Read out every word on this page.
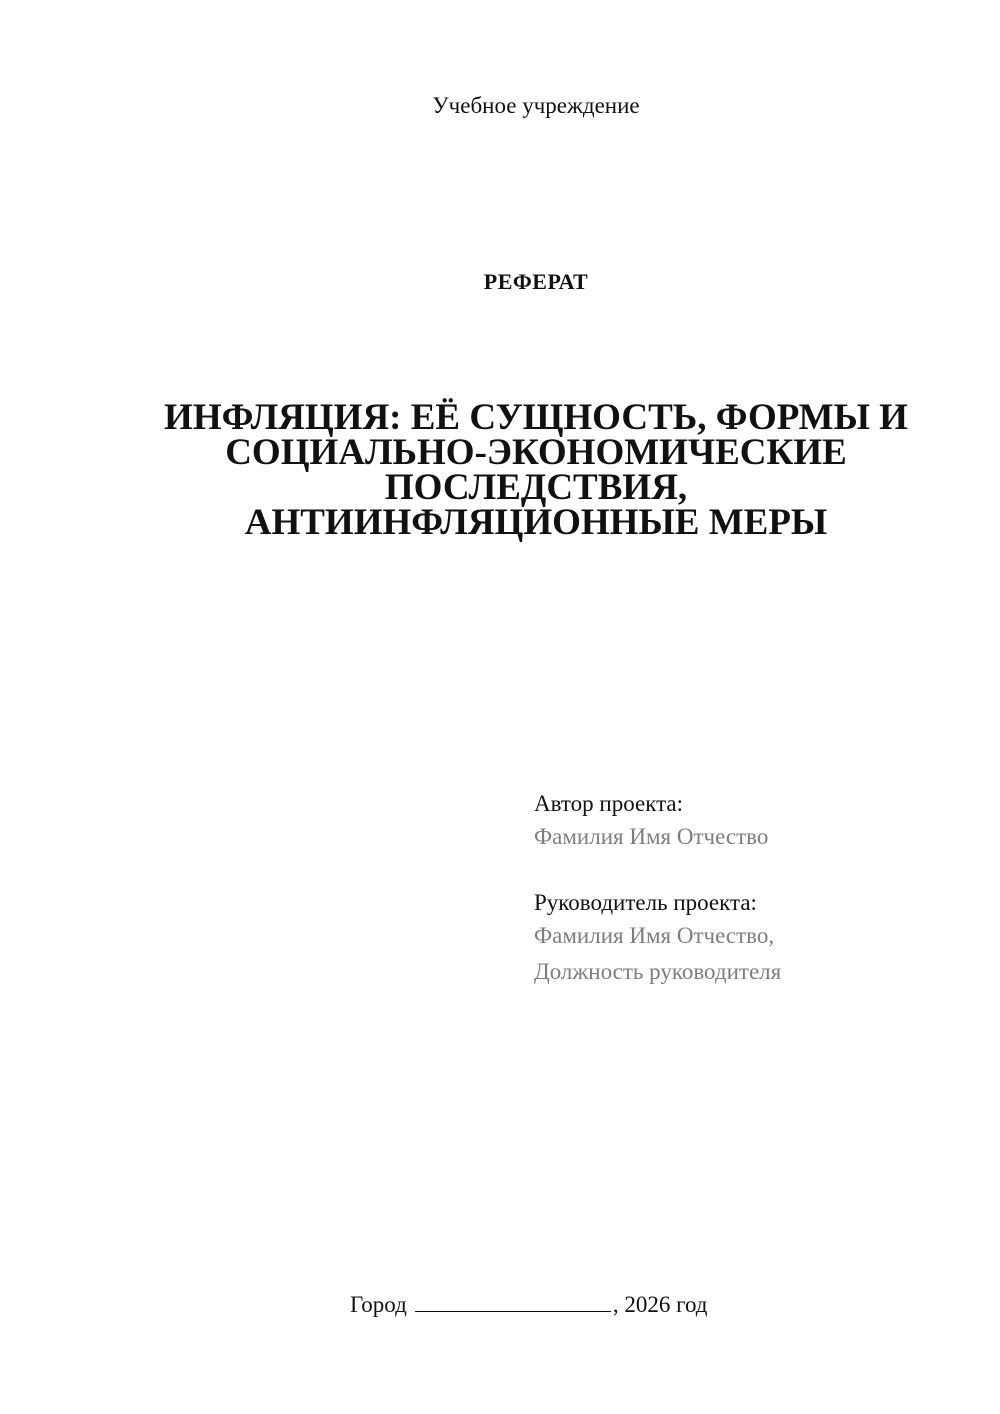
Учебное учреждение
РЕФЕРАТ
ИНФЛЯЦИЯ: ЕЁ СУЩНОСТЬ, ФОРМЫ И
СОЦИАЛЬНО-ЭКОНОМИЧЕСКИЕ
ПОСЛЕДСТВИЯ,
АНТИИНФЛЯЦИОННЫЕ МЕРЫ
Автор проекта:
Фамилия Имя Отчество
Руководитель проекта:
Фамилия Имя Отчество,
Должность руководителя
Город	, 2026 год
